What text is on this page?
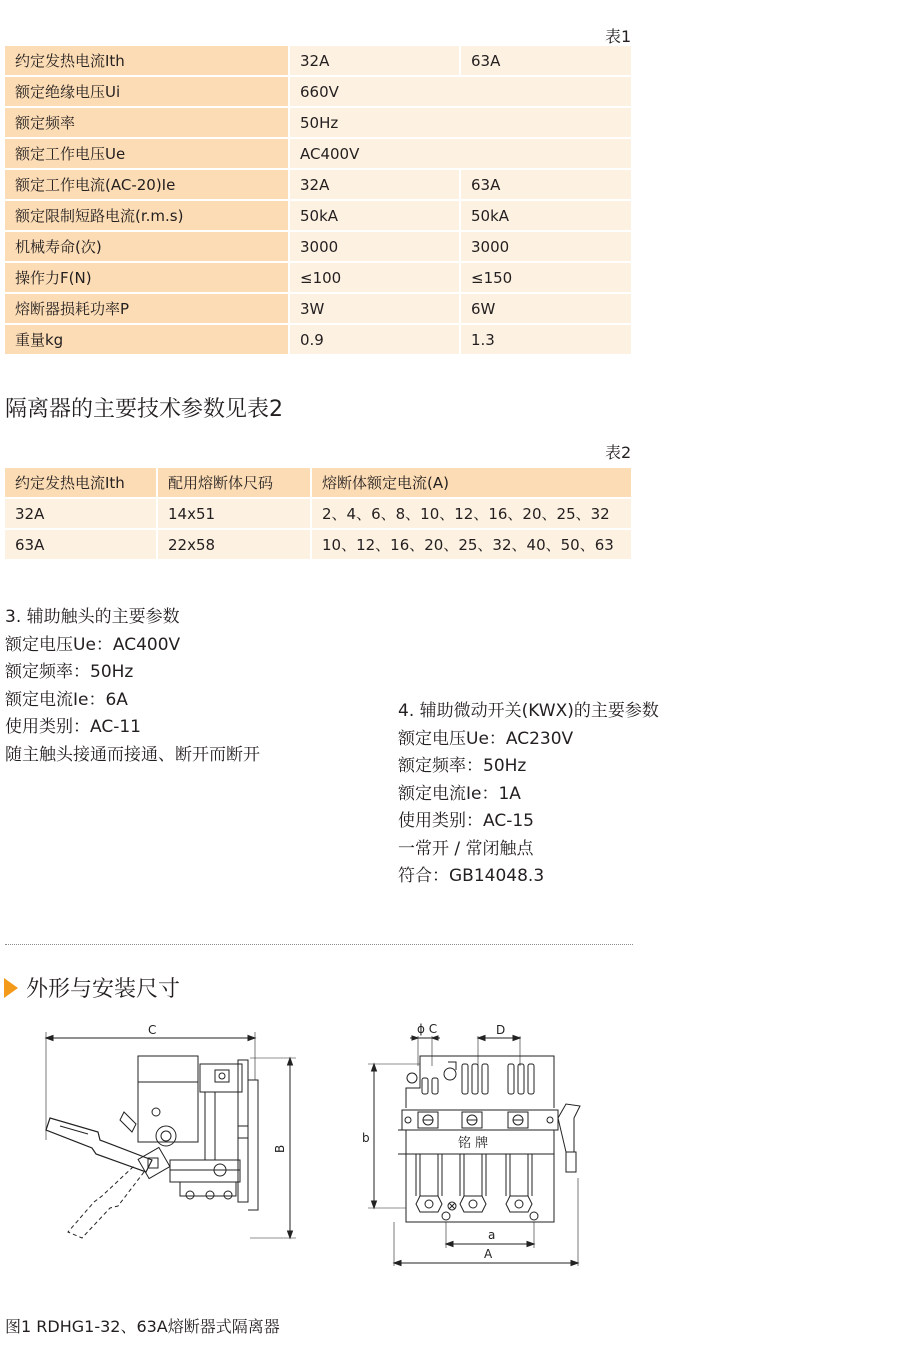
表1
约定发热电流Ith	32A	63A
额定绝缘电压Ui	660V	
额定频率	50Hz	
额定工作电压Ue	AC400V	
额定工作电流(AC-20)Ie	32A	63A
额定限制短路电流(r.m.s)	50kA	50kA
机械寿命(次)	3000	3000
操作力F(N)	≤100	≤150
熔断器损耗功率P	3W	6W
重量kg	0.9	1.3
隔离器的主要技术参数见表2
表2
约定发热电流Ith	配用熔断体尺码	熔断体额定电流(A)
32A	14x51	2、4、6、8、10、12、16、20、25、32
63A	22x58	10、12、16、20、25、32、40、50、63
3. 辅助触头的主要参数
额定电压Ue：AC400V
额定频率：50Hz
额定电流Ie：6A
使用类别：AC-11
随主触头接通而接通、断开而断开
4. 辅助微动开关(KWX)的主要参数
额定电压Ue：AC230V
额定频率：50Hz
额定电流Ie：1A
使用类别：AC-15
一常开 / 常闭触点
符合：GB14048.3
外形与安装尺寸
C
B
ϕ C	D
b	铭 牌
a
A
图1 RDHG1-32、63A熔断器式隔离器
